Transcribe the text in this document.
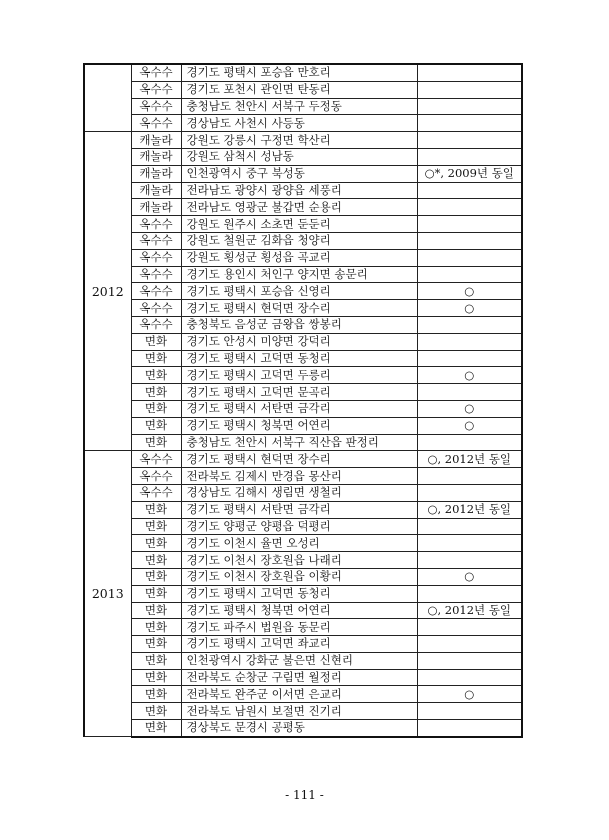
	옥수수	경기도 평택시 포승읍 만호리	
	옥수수	경기도 포천시 관인면 탄동리	
	옥수수	충청남도 천안시 서북구 두정동	
	옥수수	경상남도 사천시 사등동	
2012	캐놀라	강원도 강릉시 구정면 학산리	
	캐놀라	강원도 삼척시 성남동	
	캐놀라	인천광역시 중구 북성동	○*, 2009년 동일
	캐놀라	전라남도 광양시 광양읍 세풍리	
	캐놀라	전라남도 영광군 불갑면 순용리	
	옥수수	강원도 원주시 소초면 둔둔리	
	옥수수	강원도 철원군 김화읍 청양리	
	옥수수	강원도 횡성군 횡성읍 곡교리	
	옥수수	경기도 용인시 처인구 양지면 송문리	
	옥수수	경기도 평택시 포승읍 신영리	○
	옥수수	경기도 평택시 현덕면 장수리	○
	옥수수	충청북도 음성군 금왕읍 쌍봉리	
	면화	경기도 안성시 미양면 강덕리	
	면화	경기도 평택시 고덕면 동청리	
	면화	경기도 평택시 고덕면 두릉리	○
	면화	경기도 평택시 고덕면 문곡리	
	면화	경기도 평택시 서탄면 금각리	○
	면화	경기도 평택시 청북면 어연리	○
	면화	충청남도 천안시 서북구 직산읍 판정리	
2013	옥수수	경기도 평택시 현덕면 장수리	○, 2012년 동일
	옥수수	전라북도 김제시 만경읍 몽산리	
	옥수수	경상남도 김해시 생림면 생철리	
	면화	경기도 평택시 서탄면 금각리	○, 2012년 동일
	면화	경기도 양평군 양평읍 덕평리	
	면화	경기도 이천시 율면 오성리	
	면화	경기도 이천시 장호원읍 나래리	
	면화	경기도 이천시 장호원읍 이황리	○
	면화	경기도 평택시 고덕면 동청리	
	면화	경기도 평택시 청북면 어연리	○, 2012년 동일
	면화	경기도 파주시 법원읍 동문리	
	면화	경기도 평택시 고덕면 좌교리	
	면화	인천광역시 강화군 불은면 신현리	
	면화	전라북도 순창군 구림면 월정리	
	면화	전라북도 완주군 이서면 은교리	○
	면화	전라북도 남원시 보절면 진기리	
	면화	경상북도 문경시 공평동	
- 111 -
